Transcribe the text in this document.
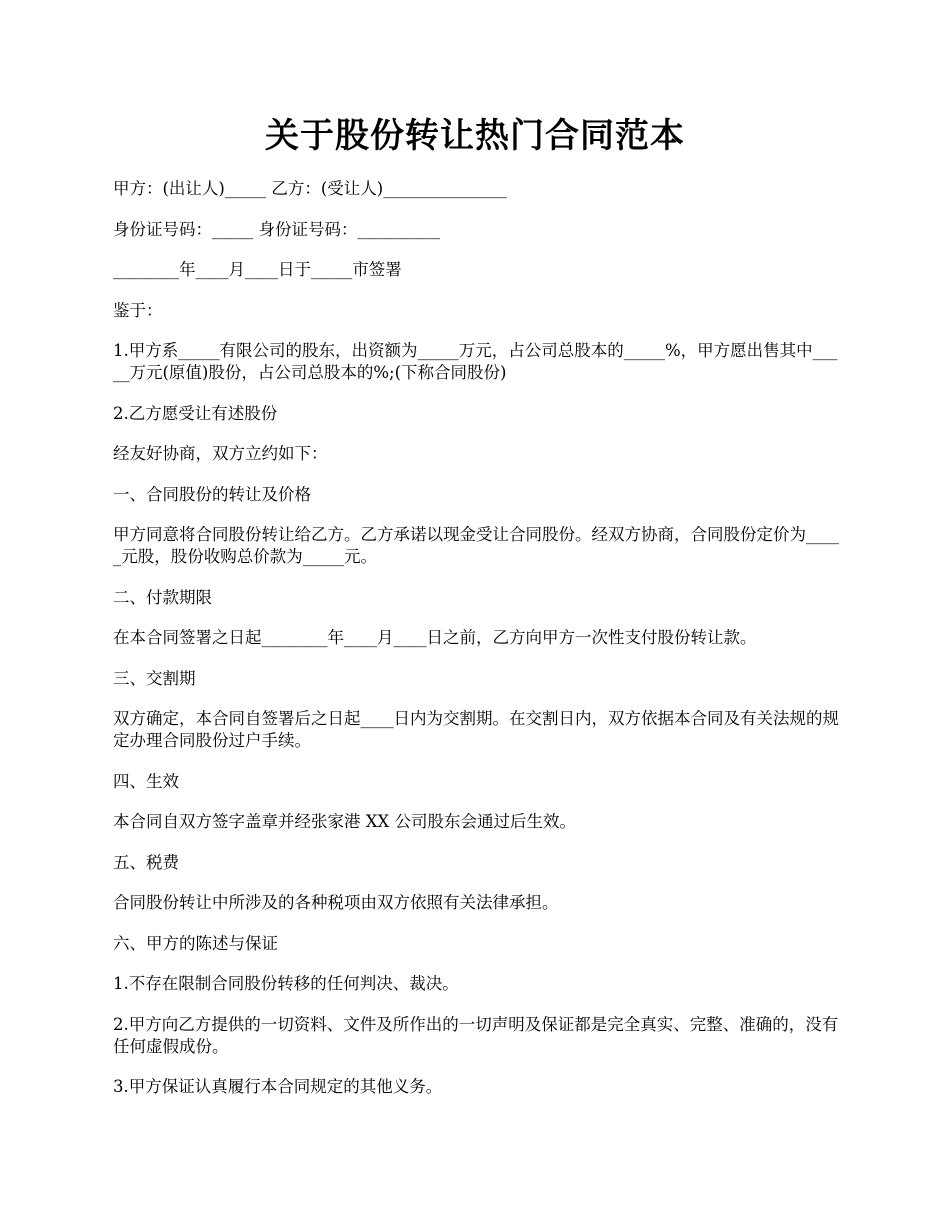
关于股份转让热门合同范本

甲方：(出让人)_____ 乙方：(受让人)_______________

身份证号码：_____ 身份证号码：__________

________年____月____日于_____市签署

鉴于：

1.甲方系_____有限公司的股东，出资额为_____万元，占公司总股本的_____%，甲方愿出售其中_____万元(原值)股份，占公司总股本的%;(下称合同股份)

2.乙方愿受让有述股份

经友好协商，双方立约如下：

一、合同股份的转让及价格

甲方同意将合同股份转让给乙方。乙方承诺以现金受让合同股份。经双方协商，合同股份定价为_____元股，股份收购总价款为_____元。

二、付款期限

在本合同签署之日起________年____月____日之前，乙方向甲方一次性支付股份转让款。

三、交割期

双方确定，本合同自签署后之日起____日内为交割期。在交割日内，双方依据本合同及有关法规的规定办理合同股份过户手续。

四、生效

本合同自双方签字盖章并经张家港 XX 公司股东会通过后生效。

五、税费

合同股份转让中所涉及的各种税项由双方依照有关法律承担。

六、甲方的陈述与保证

1.不存在限制合同股份转移的任何判决、裁决。

2.甲方向乙方提供的一切资料、文件及所作出的一切声明及保证都是完全真实、完整、准确的，没有任何虚假成份。

3.甲方保证认真履行本合同规定的其他义务。
